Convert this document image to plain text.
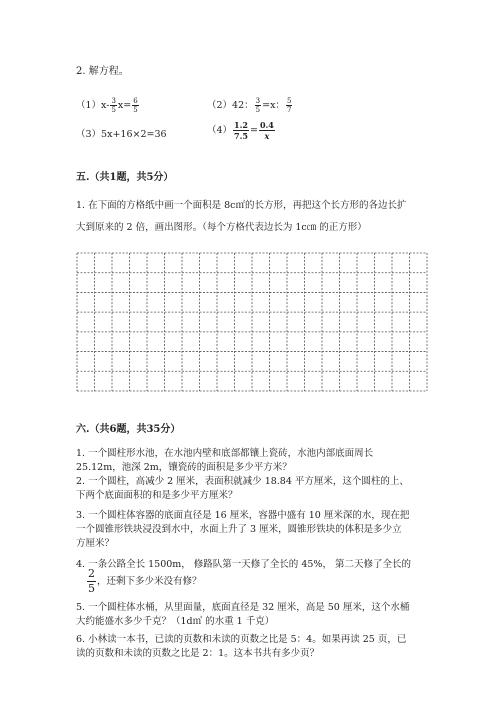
2. 解方程。
$(1)x- \frac{3}{5} x= \frac{6}{5}$	（2）42： $\frac{3}{5} =x$： $\frac{5}{7}$
（3）5x+16×2=36	$(4) \frac{1.2}{7.5} = \frac{0.4}{x}$
五.（共1题，共5分）
1. 在下面的方格纸中画一个面积是 8c㎡的长方形，再把这个长方形的各边长扩
大到原来的 2 倍，画出图形。（每个方格代表边长为 1c㎝ 的正方形）
六.（共6题，共35分）
1. 一个圆柱形水池，在水池内壁和底部都镶上瓷砖，水池内部底面周长
25.12m，池深 2m，镶瓷砖的面积是多少平方米？
2. 一个圆柱，高减少 2 厘米，表面积就减少 18.84 平方厘米，这个圆柱的上、
下两个底面面积的和是多少平方厘米？
3. 一个圆柱体容器的底面直径是 16 厘米，容器中盛有 10 厘米深的水，现在把
一个圆锥形铁块浸没到水中，水面上升了 3 厘米，圆锥形铁块的体积是多少立
方厘米？
4. 一条公路全长 1500m， 修路队第一天修了全长的 45%， 第二天修了全长的
$\frac{2}{5}$ ，还剩下多少米没有修？
5. 一个圆柱体水桶，从里面量，底面直径是 32 厘米，高是 50 厘米，这个水桶
大约能盛水多少千克？（1d㎥ 的水重 1 千克）
6. 小林读一本书，已读的页数和未读的页数之比是 5：4。如果再读 25 页，已
读的页数和未读的页数之比是 2：1。这本书共有多少页？
